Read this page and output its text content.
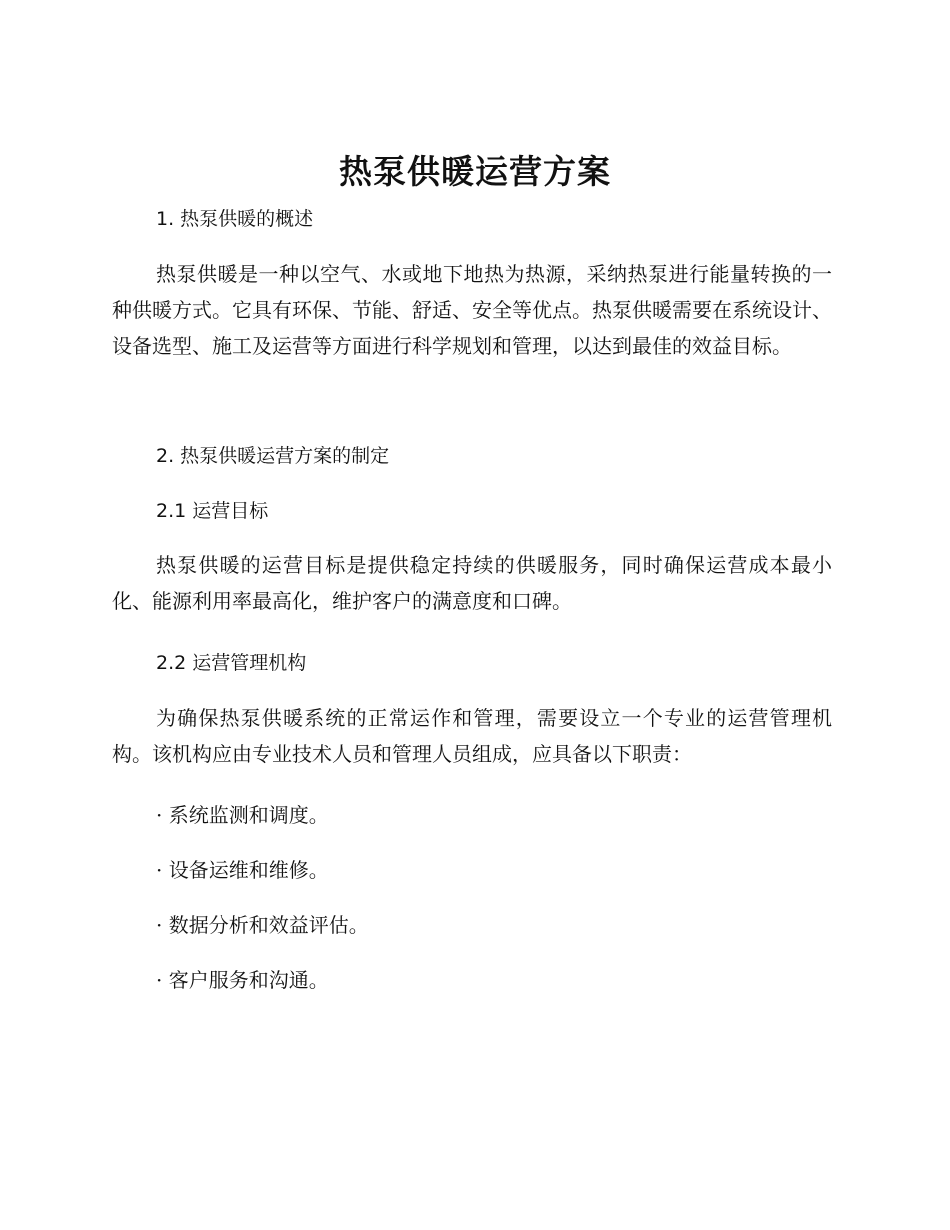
热泵供暖运营方案
1. 热泵供暖的概述

热泵供暖是一种以空气、水或地下地热为热源，采纳热泵进行能量转换的一种供暖方式。它具有环保、节能、舒适、安全等优点。热泵供暖需要在系统设计、设备选型、施工及运营等方面进行科学规划和管理，以达到最佳的效益目标。

2. 热泵供暖运营方案的制定
2.1 运营目标

热泵供暖的运营目标是提供稳定持续的供暖服务，同时确保运营成本最小化、能源利用率最高化，维护客户的满意度和口碑。

2.2 运营管理机构

为确保热泵供暖系统的正常运作和管理，需要设立一个专业的运营管理机构。该机构应由专业技术人员和管理人员组成，应具备以下职责：

· 系统监测和调度。

· 设备运维和维修。

· 数据分析和效益评估。

· 客户服务和沟通。
